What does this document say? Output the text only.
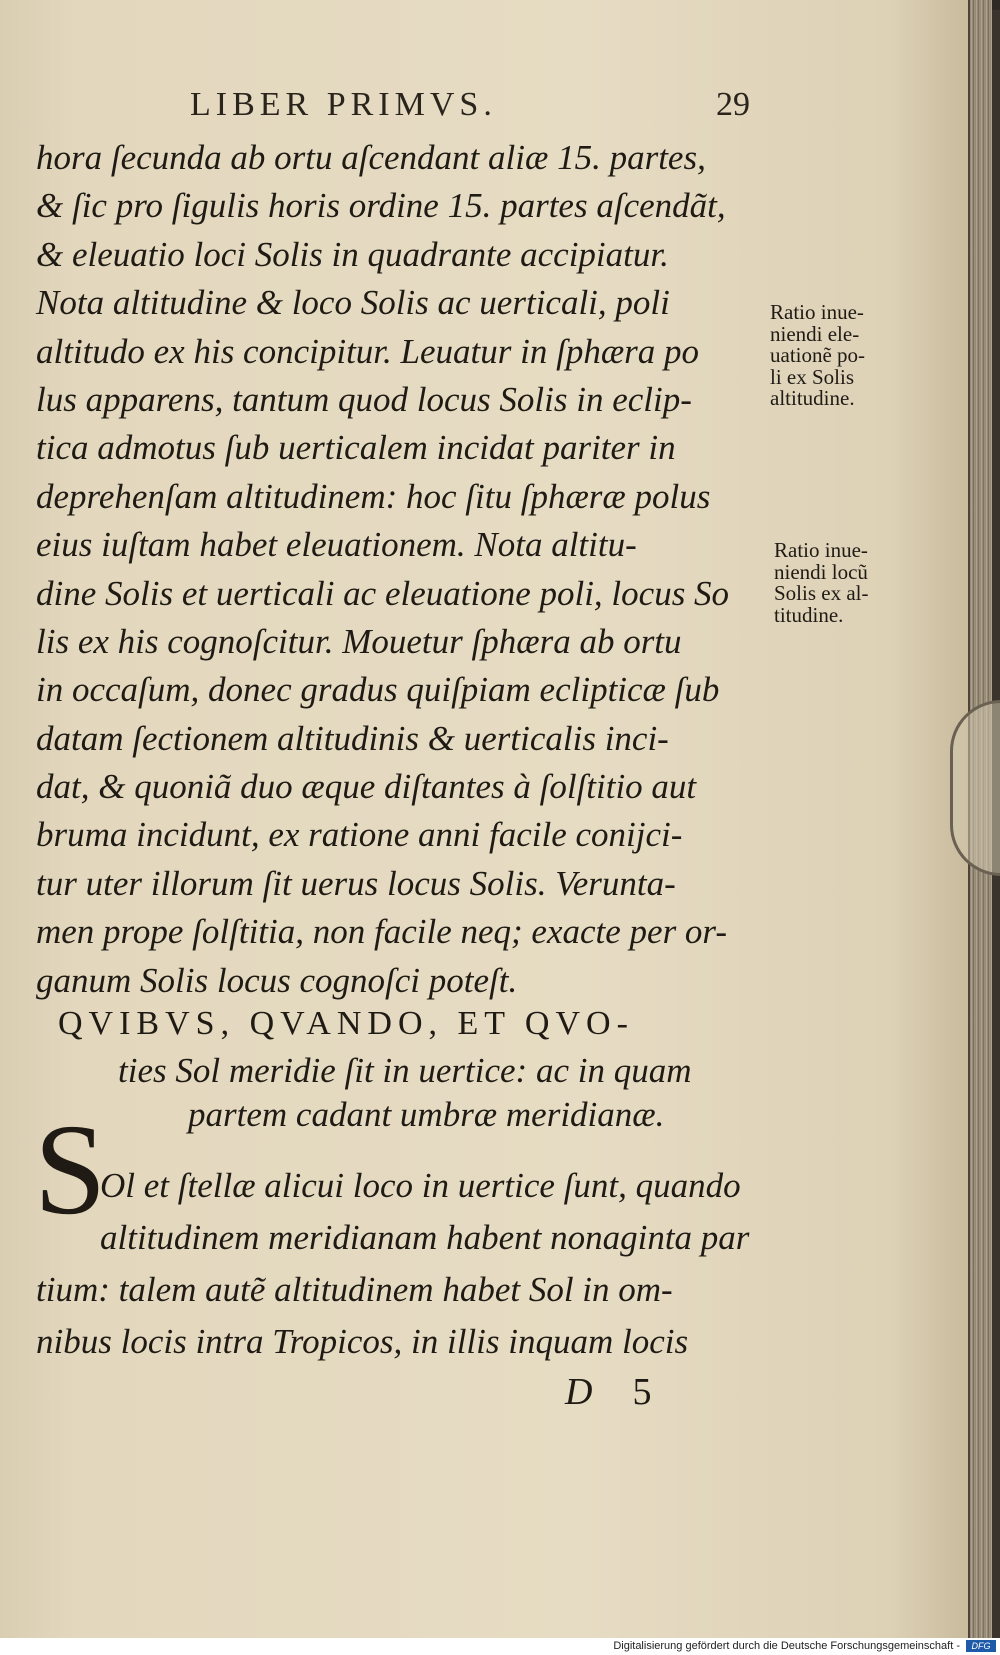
LIBER PRIMVS.	29
hora ſecunda ab ortu aſcendant aliæ 15. partes,
& ſic pro ſigulis horis ordine 15. partes aſcendãt,
& eleuatio loci Solis in quadrante accipiatur.
Nota altitudine & loco Solis ac uerticali, poli
altitudo ex his concipitur. Leuatur in ſphæra po
lus apparens, tantum quod locus Solis in eclip-
tica admotus ſub uerticalem incidat pariter in
deprehenſam altitudinem: hoc ſitu ſphæræ polus
eius iuſtam habet eleuationem. Nota altitu-
dine Solis et uerticali ac eleuatione poli, locus So
lis ex his cognoſcitur. Mouetur ſphæra ab ortu
in occaſum, donec gradus quiſpiam eclipticæ ſub
datam ſectionem altitudinis & uerticalis inci-
dat, & quoniã duo æque diſtantes à ſolſtitio aut
bruma incidunt, ex ratione anni facile conijci-
tur uter illorum ſit uerus locus Solis. Verunta-
men prope ſolſtitia, non facile neq; exacte per or-
ganum Solis locus cognoſci poteſt.
Ratio inue-
niendi ele-
uationẽ po-
li ex Solis
altitudine.
Ratio inue-
niendi locũ
Solis ex al-
titudine.
QVIBVS, QVANDO, ET QVO-
ties Sol meridie ſit in uertice: ac in quam
partem cadant umbræ meridianæ.
S
Ol et ſtellæ alicui loco in uertice ſunt, quando
altitudinem meridianam habent nonaginta par
tium: talem autẽ altitudinem habet Sol in om-
nibus locis intra Tropicos, in illis inquam locis
D 5
Digitalisierung gefördert durch die Deutsche Forschungsgemeinschaft -	DFG
